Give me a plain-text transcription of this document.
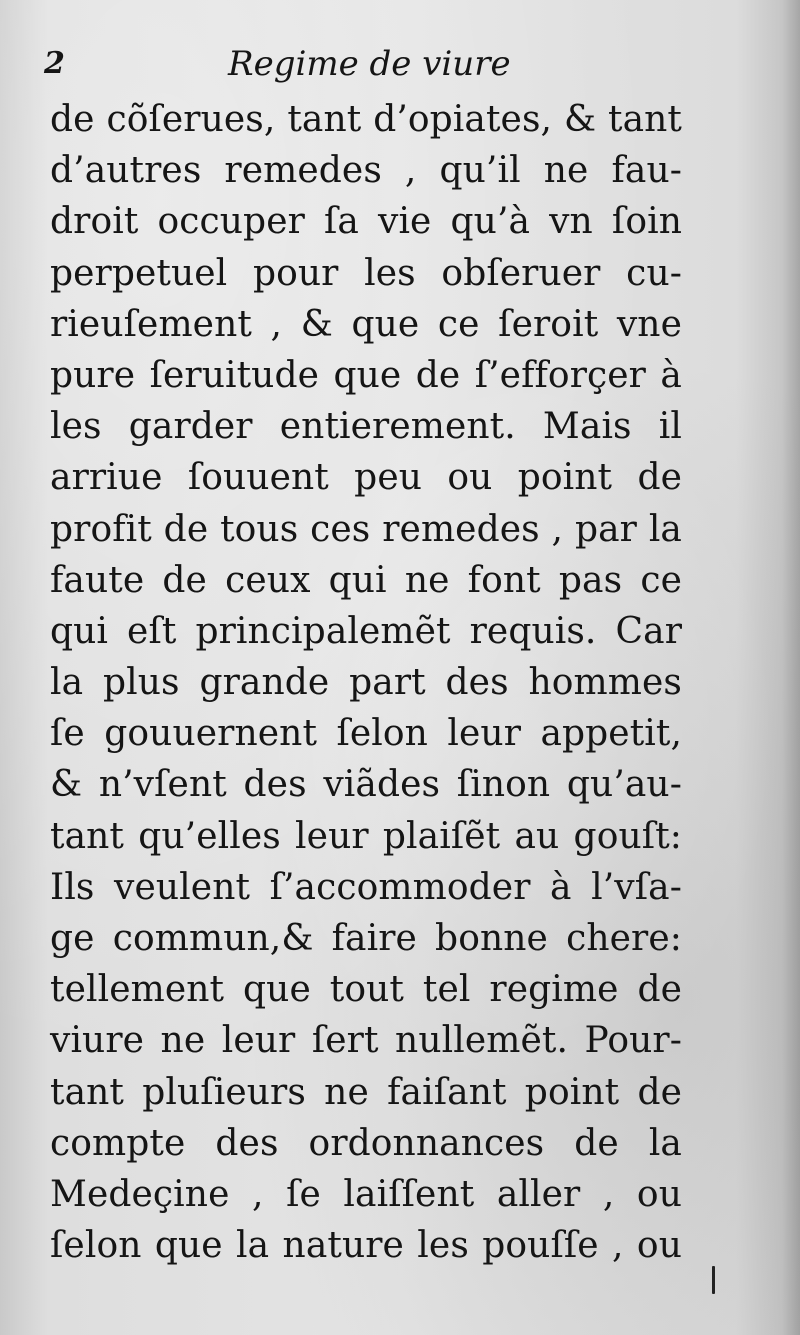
2	Regime de viure
de cõſerues, tant d’opiates, & tant
d’autres remedes , qu’il ne fau-
droit occuper ſa vie qu’à vn ſoin
perpetuel pour les obſeruer cu-
rieuſement , & que ce ſeroit vne
pure ſeruitude que de ſ’efforçer à
les garder entierement. Mais il
arriue ſouuent peu ou point de
profit de tous ces remedes , par la
faute de ceux qui ne font pas ce
qui eſt principalemẽt requis. Car
la plus grande part des hommes
ſe gouuernent ſelon leur appetit,
& n’vſent des viãdes ſinon qu’au-
tant qu’elles leur plaiſẽt au gouſt:
Ils veulent ſ’accommoder à l’vſa-
ge commun,& faire bonne chere:
tellement que tout tel regime de
viure ne leur ſert nullemẽt. Pour-
tant pluſieurs ne faiſant point de
compte des ordonnances de la
Medeçine , ſe laiſſent aller , ou
ſelon que la nature les pouſſe , ou
